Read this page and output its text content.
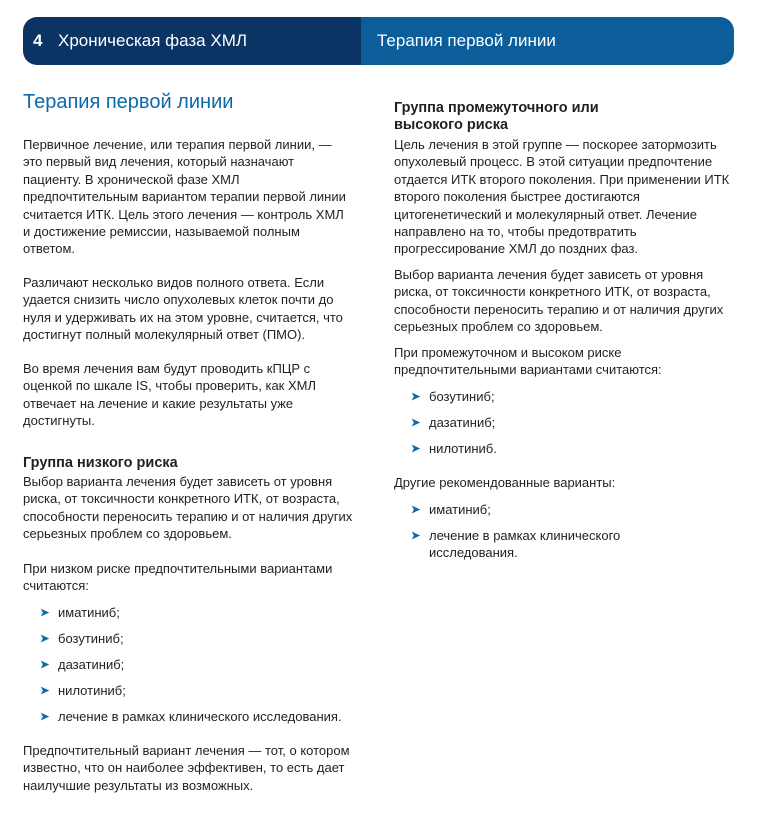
4 Хроническая фаза ХМЛ	Терапия первой линии
Терапия первой линии
Первичное лечение, или терапия первой линии, — это первый вид лечения, который назначают пациенту. В хронической фазе ХМЛ предпочтительным вариантом терапии первой линии считается ИТК. Цель этого лечения — контроль ХМЛ и достижение ремиссии, называемой полным ответом.
Различают несколько видов полного ответа. Если удается снизить число опухолевых клеток почти до нуля и удерживать их на этом уровне, считается, что достигнут полный молекулярный ответ (ПМО).
Во время лечения вам будут проводить кПЦР с оценкой по шкале IS, чтобы проверить, как ХМЛ отвечает на лечение и какие результаты уже достигнуты.
Группа низкого риска
Выбор варианта лечения будет зависеть от уровня риска, от токсичности конкретного ИТК, от возраста, способности переносить терапию и от наличия других серьезных проблем со здоровьем.
При низком риске предпочтительными вариантами считаются:
➤ иматиниб;
➤ бозутиниб;
➤ дазатиниб;
➤ нилотиниб;
➤ лечение в рамках клинического исследования.
Предпочтительный вариант лечения — тот, о котором известно, что он наиболее эффективен, то есть дает наилучшие результаты из возможных.
Группа промежуточного или высокого риска
Цель лечения в этой группе — поскорее затормозить опухолевый процесс. В этой ситуации предпочтение отдается ИТК второго поколения. При применении ИТК второго поколения быстрее достигаются цитогенетический и молекулярный ответ. Лечение направлено на то, чтобы предотвратить прогрессирование ХМЛ до поздних фаз.
Выбор варианта лечения будет зависеть от уровня риска, от токсичности конкретного ИТК, от возраста, способности переносить терапию и от наличия других серьезных проблем со здоровьем.
При промежуточном и высоком риске предпочтительными вариантами считаются:
➤ бозутиниб;
➤ дазатиниб;
➤ нилотиниб.
Другие рекомендованные варианты:
➤ иматиниб;
➤ лечение в рамках клинического исследования.
